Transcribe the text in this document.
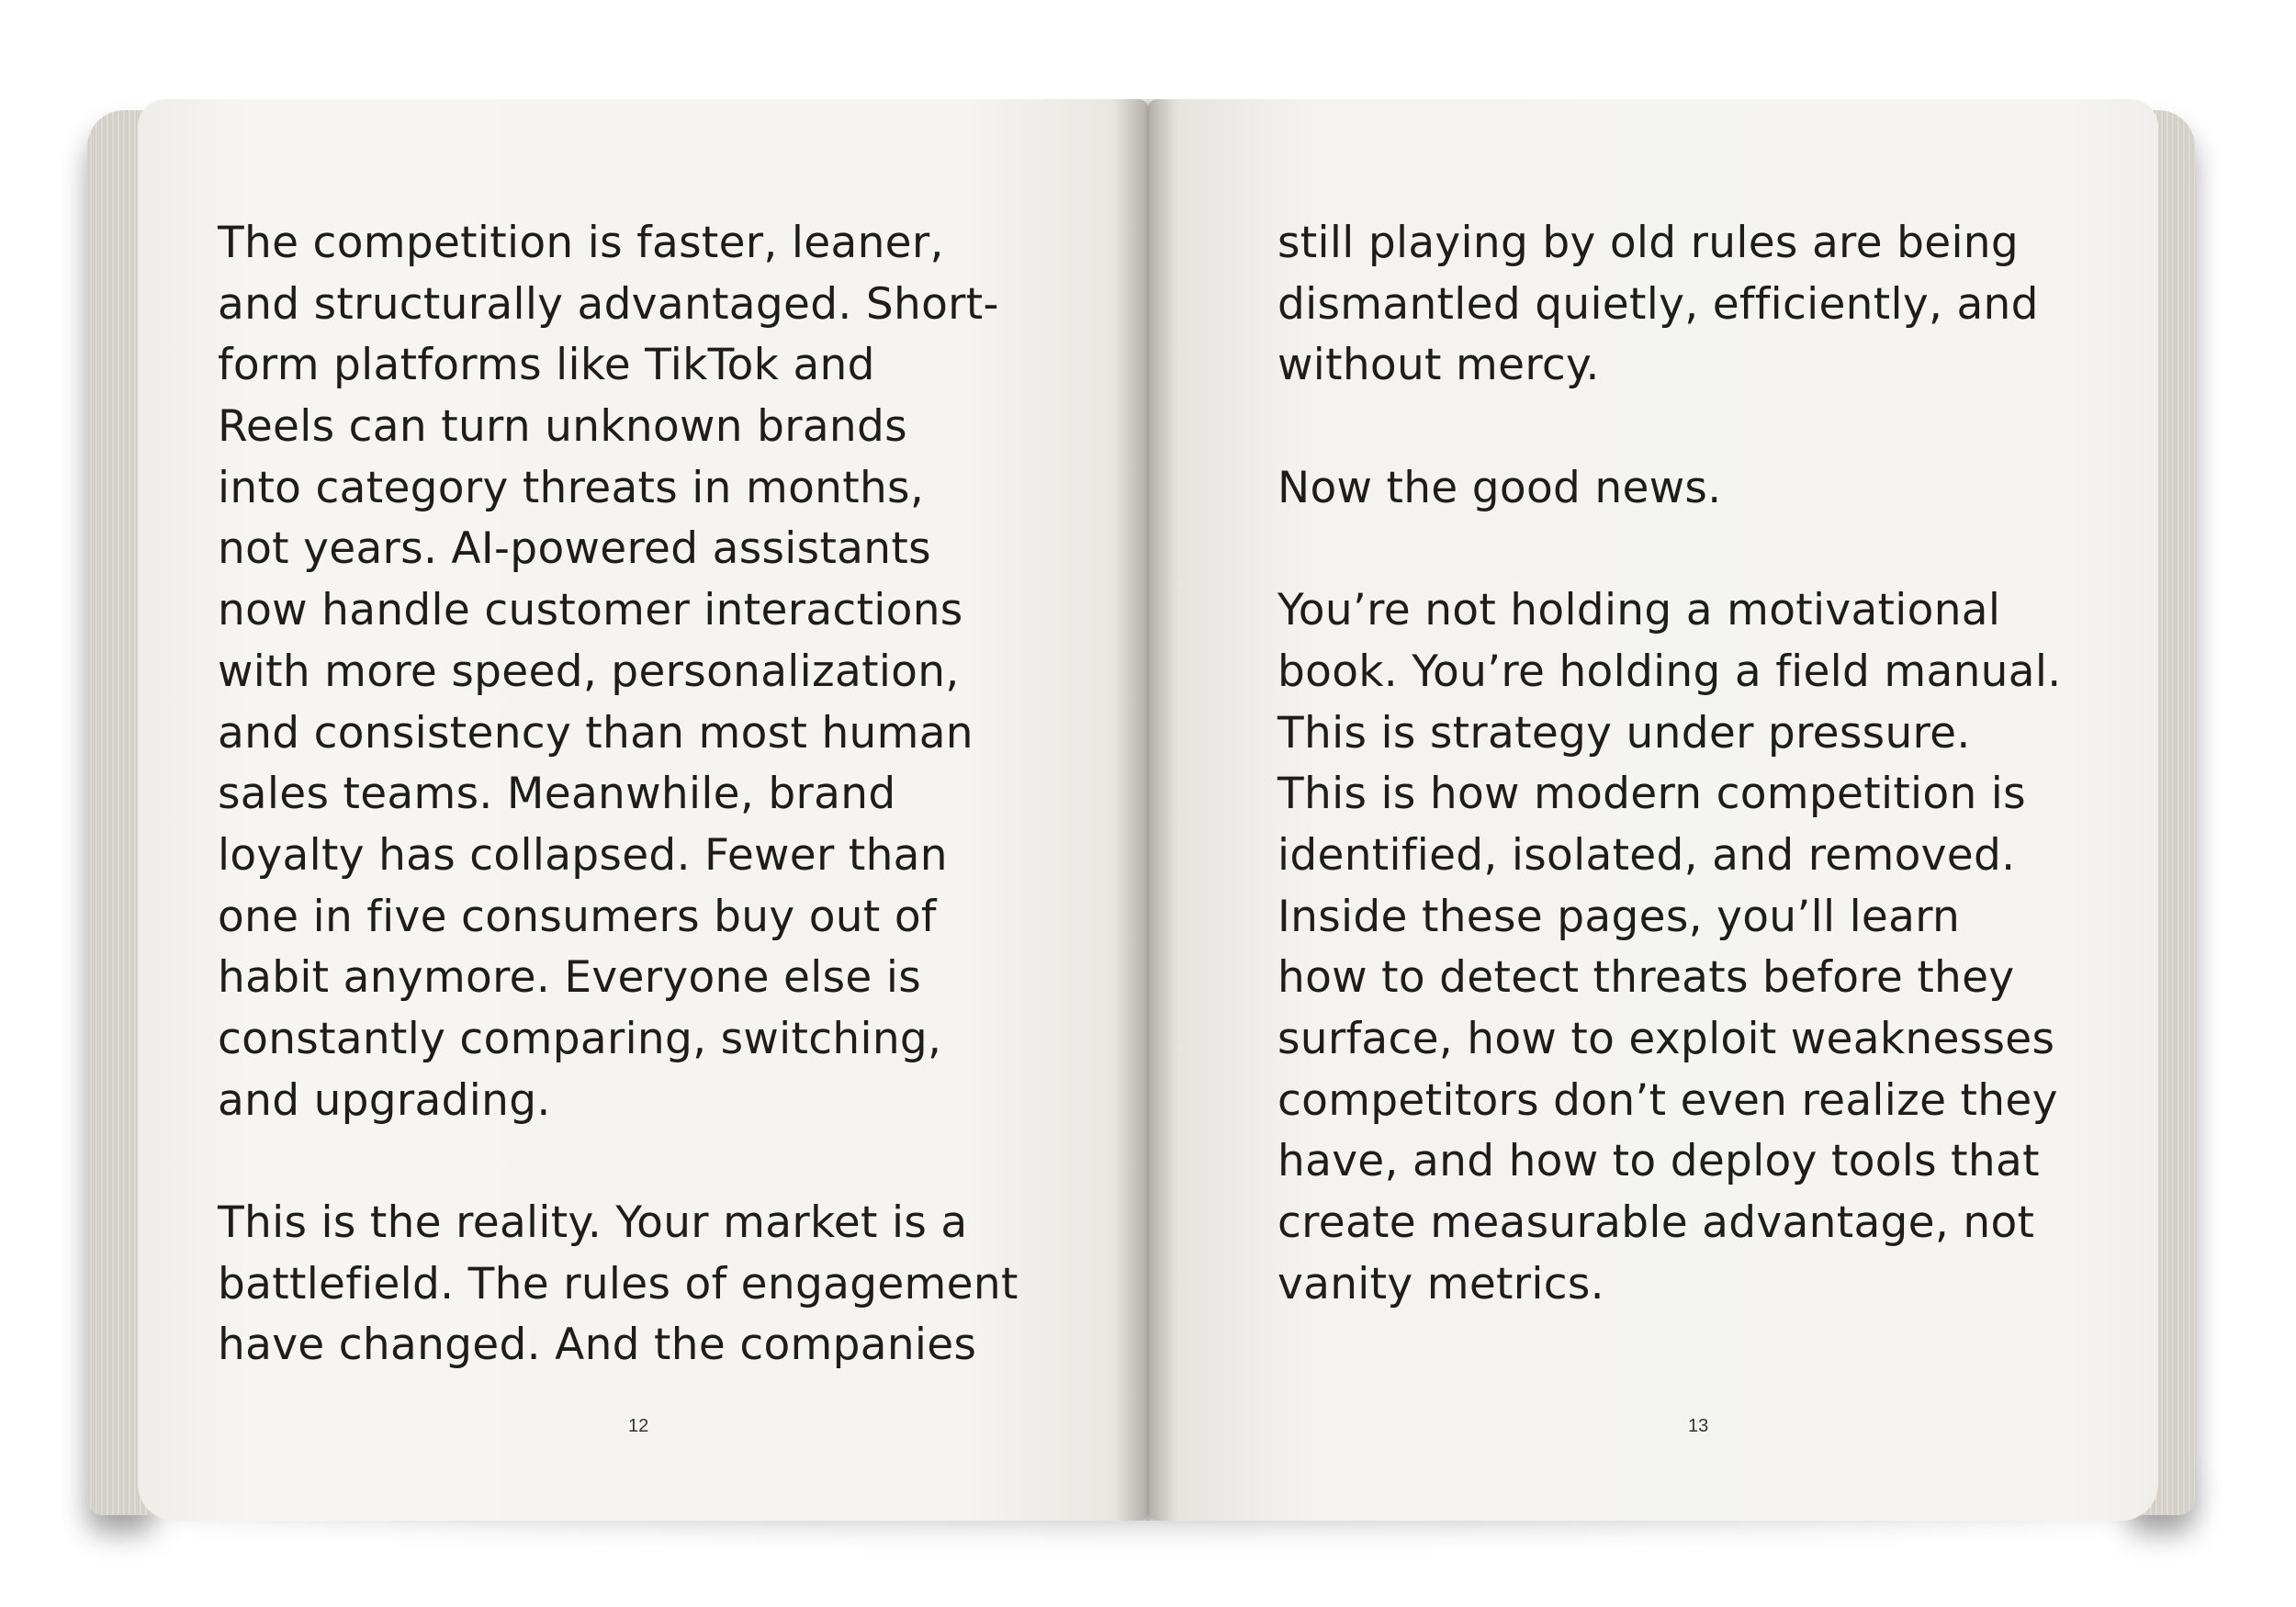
The competition is faster, leaner,
and structurally advantaged. Short-
form platforms like TikTok and
Reels can turn unknown brands
into category threats in months,
not years. AI-powered assistants
now handle customer interactions
with more speed, personalization,
and consistency than most human
sales teams. Meanwhile, brand
loyalty has collapsed. Fewer than
one in five consumers buy out of
habit anymore. Everyone else is
constantly comparing, switching,
and upgrading.
This is the reality. Your market is a
battlefield. The rules of engagement
have changed. And the companies
still playing by old rules are being
dismantled quietly, efficiently, and
without mercy.
Now the good news.
You’re not holding a motivational
book. You’re holding a field manual.
This is strategy under pressure.
This is how modern competition is
identified, isolated, and removed.
Inside these pages, you’ll learn
how to detect threats before they
surface, how to exploit weaknesses
competitors don’t even realize they
have, and how to deploy tools that
create measurable advantage, not
vanity metrics.
12	13
